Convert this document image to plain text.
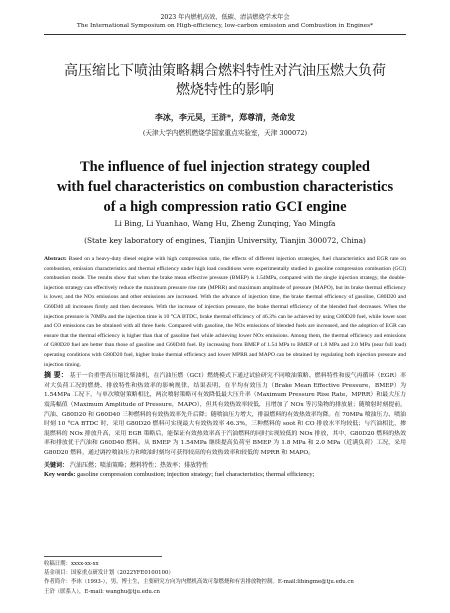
2023 年内燃机高效、低碳、清洁燃烧学术年会
The International Symposium on High-efficiency, low-carbon emission and Combustion in Engines*
高压缩比下喷油策略耦合燃料特性对汽油压燃大负荷
燃烧特性的影响
李冰，李元昊，王浒*，郑尊清，尧命发
(天津大学内燃机燃烧学国家重点实验室，天津 300072)
The influence of fuel injection strategy coupled
with fuel characteristics on combustion characteristics
of a high compression ratio GCI engine
Li Bing, Li Yuanhao, Wang Hu, Zheng Zunqing, Yao Mingfa
(State key laboratory of engines, Tianjin University, Tianjin 300072, China)
Abstract: Based on a heavy-duty diesel engine with high compression ratio, the effects of different injection strategies, fuel characteristics and EGR rate on combustion, emission characteristics and thermal efficiency under high load conditions were experimentally studied in gasoline compression combustion (GCI) combustion mode. The results show that when the brake mean effective pressure (BMEP) is 1.54MPa, compared with the single injection strategy, the double-injection strategy can effectively reduce the maximum pressure rise rate (MPRR) and maximum amplitude of pressure (MAPO), but its brake thermal efficiency is lower, and the NOx emissions and other emissions are increased. With the advance of injection time, the brake thermal efficiency of gasoline, G80D20 and G60D40 all increases firstly and then decreases. With the increase of injection pressure, the brake thermal efficiency of the blended fuel decreases. When the injection pressure is 70MPa and the injection time is 10 °CA BTDC, brake thermal efficiency of 46.3% can be achieved by using G80D20 fuel, while lower soot and CO emissions can be obtained with all three fuels. Compared with gasoline, the NOx emissions of blended fuels are increased, and the adoption of EGR can ensure that the thermal efficiency is higher than that of gasoline fuel while achieving lower NOx emissions. Among them, the thermal efficiency and emissions of G80D20 fuel are better than those of gasoline and G60D40 fuel. By increasing from BMEP of 1.54 MPa to BMEP of 1.8 MPa and 2.0 MPa (near full load) operating conditions with G80D20 fuel, higher brake thermal efficiency and lower MPRR and MAPO can be obtained by regulating both injection pressure and injection timing.
摘 要： 基于一台重型高压缩比柴油机，在汽油压燃（GCI）燃烧模式下通过试验研究不同喷油策略、燃料特性和废气再循环（EGR）率对大负荷工况的燃烧、排放特性和热效率的影响规律，结果表明，在平均有效压力（Brake Mean Effective Pressure，BMEP）为 1.54MPa 工况下，与单次喷射策略相比，两次喷射策略可有效降低最大压升率（Maximum Pressure Rise Rate，MPRR）和最大压力震荡幅值（Maximum Amplitude of Pressure，MAPO），但其有效热效率较低，且增加了 NOx 等污染物的排放量；随喷射时刻提前，汽油、G80D20 和 G60D40 三种燃料的有效热效率先升后降；随喷油压力增大，排温燃料的有效热效率均降。在 70MPa 喷油压力、喷油时刻 10 °CA BTDC 时，采用 G80D20 燃料可实现最大有效热效率 46.3%，三种燃料的 soot 和 CO 排放水平均较低；与汽油相比，掺混燃料的 NOx 排放升高，采用 EGR 策略后，能保证有效热效率高于汽油燃料的同时实现较低的 NOx 排放，其中，G80D20 燃料的热效率和排放优于汽油和 G60D40 燃料。从 BMEP 为 1.54MPa 继续提高负荷至 BMEP 为 1.8 MPa 和 2.0 MPa（近满负荷）工况，采用 G80D20 燃料，通过调控喷油压力和喷油时刻均可获得较高的有效热效率和较低的 MPRR 和 MAPO。
关键词： 汽油压燃；喷油策略；燃料特性；热效率；排放特性
Key words: gasoline compression combustion; injection strategy; fuel characteristics; thermal efficiency;
收稿日期：xxxx-xx-xx
基金项目：国家重点研发计划（2022YFE0100100）
作者简介：李冰（1993-），男，博士生，主要研究方向为内燃机高效可靠燃烧和有害排放物控制。E-mail:libingme@tju.edu.cn
王浒（联系人），E-mail: wanghu@tju.edu.cn
